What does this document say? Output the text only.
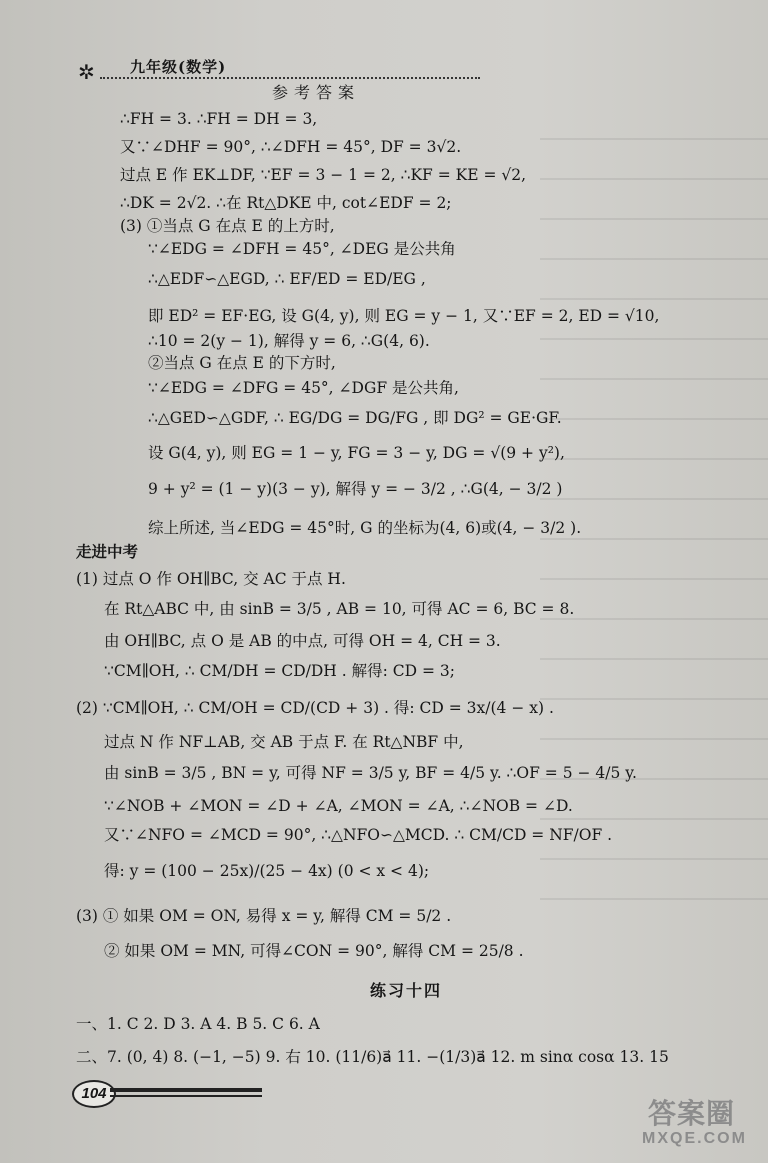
✲ 九年级(数学)
参考答案
∴FH = 3. ∴FH = DH = 3,
又∵∠DHF = 90°, ∴∠DFH = 45°, DF = 3√2.
过点 E 作 EK⊥DF, ∵EF = 3 − 1 = 2, ∴KF = KE = √2,
∴DK = 2√2. ∴在 Rt△DKE 中, cot∠EDF = 2;
(3) ①当点 G 在点 E 的上方时,
∵∠EDG = ∠DFH = 45°, ∠DEG 是公共角
∴△EDF∽△EGD, ∴ EF/ED = ED/EG ,
即 ED² = EF·EG, 设 G(4, y), 则 EG = y − 1, 又∵EF = 2, ED = √10,
∴10 = 2(y − 1), 解得 y = 6, ∴G(4, 6).
②当点 G 在点 E 的下方时,
∵∠EDG = ∠DFG = 45°, ∠DGF 是公共角,
∴△GED∽△GDF, ∴ EG/DG = DG/FG , 即 DG² = GE·GF.
设 G(4, y), 则 EG = 1 − y, FG = 3 − y, DG = √(9 + y²),
9 + y² = (1 − y)(3 − y), 解得 y = − 3/2 , ∴G(4, − 3/2 )
综上所述, 当∠EDG = 45°时, G 的坐标为(4, 6)或(4, − 3/2 ).
走进中考
(1) 过点 O 作 OH∥BC, 交 AC 于点 H.
在 Rt△ABC 中, 由 sinB = 3/5 , AB = 10, 可得 AC = 6, BC = 8.
由 OH∥BC, 点 O 是 AB 的中点, 可得 OH = 4, CH = 3.
∵CM∥OH, ∴ CM/DH = CD/DH . 解得: CD = 3;
(2) ∵CM∥OH, ∴ CM/OH = CD/(CD + 3) . 得: CD = 3x/(4 − x) .
过点 N 作 NF⊥AB, 交 AB 于点 F. 在 Rt△NBF 中,
由 sinB = 3/5 , BN = y, 可得 NF = 3/5 y, BF = 4/5 y. ∴OF = 5 − 4/5 y.
∵∠NOB + ∠MON = ∠D + ∠A, ∠MON = ∠A, ∴∠NOB = ∠D.
又∵∠NFO = ∠MCD = 90°, ∴△NFO∽△MCD. ∴ CM/CD = NF/OF .
得: y = (100 − 25x)/(25 − 4x) (0 < x < 4);
(3) ① 如果 OM = ON, 易得 x = y, 解得 CM = 5/2 .
② 如果 OM = MN, 可得∠CON = 90°, 解得 CM = 25/8 .
一、1. C 2. D 3. A 4. B 5. C 6. A
二、7. (0, 4) 8. (−1, −5) 9. 右 10. (11/6)a⃗ 11. −(1/3)a⃗ 12. m sinα cosα 13. 15
练习十四
104
答案圈
MXQE.COM
